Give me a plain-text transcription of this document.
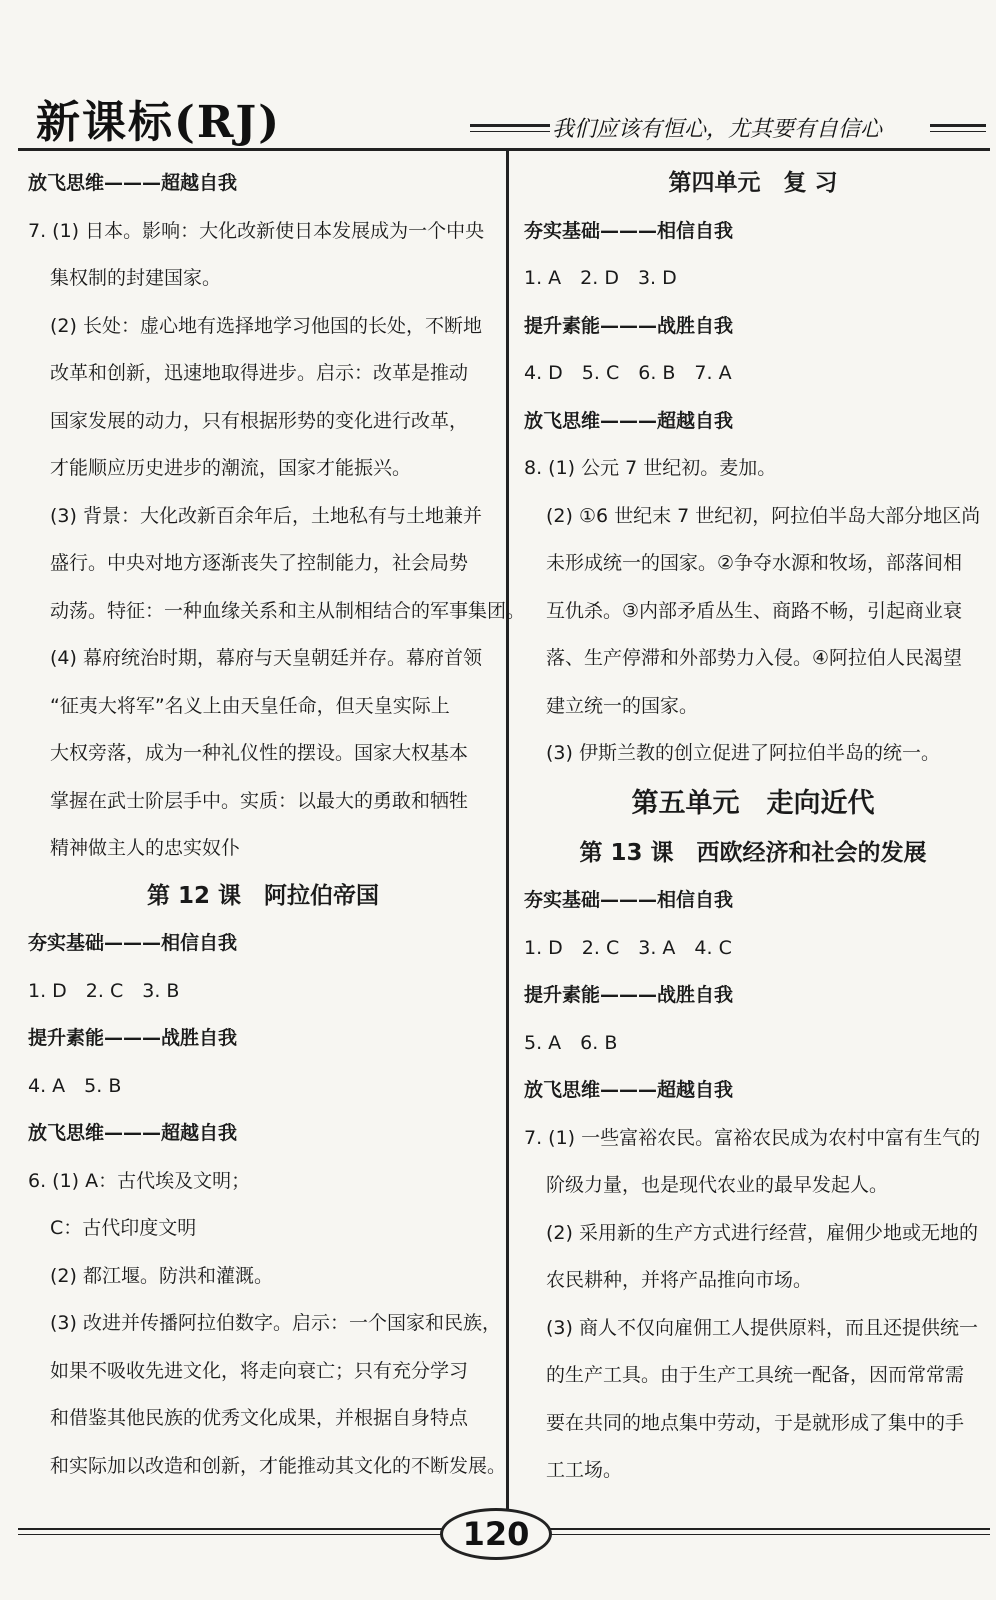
新课标(RJ)	我们应该有恒心，尤其要有自信心
放飞思维———超越自我
7. (1) 日本。影响：大化改新使日本发展成为一个中央
集权制的封建国家。
(2) 长处：虚心地有选择地学习他国的长处，不断地
改革和创新，迅速地取得进步。启示：改革是推动
国家发展的动力，只有根据形势的变化进行改革，
才能顺应历史进步的潮流，国家才能振兴。
(3) 背景：大化改新百余年后，土地私有与土地兼并
盛行。中央对地方逐渐丧失了控制能力，社会局势
动荡。特征：一种血缘关系和主从制相结合的军事集团。
(4) 幕府统治时期，幕府与天皇朝廷并存。幕府首领
“征夷大将军”名义上由天皇任命，但天皇实际上
大权旁落，成为一种礼仪性的摆设。国家大权基本
掌握在武士阶层手中。实质：以最大的勇敢和牺牲
精神做主人的忠实奴仆
第 12 课　阿拉伯帝国
夯实基础———相信自我
1. D　2. C　3. B
提升素能———战胜自我
4. A　5. B
放飞思维———超越自我
6. (1) A：古代埃及文明；
C：古代印度文明
(2) 都江堰。防洪和灌溉。
(3) 改进并传播阿拉伯数字。启示：一个国家和民族，
如果不吸收先进文化，将走向衰亡；只有充分学习
和借鉴其他民族的优秀文化成果，并根据自身特点
和实际加以改造和创新，才能推动其文化的不断发展。
第四单元　复 习
夯实基础———相信自我
1. A　2. D　3. D
提升素能———战胜自我
4. D　5. C　6. B　7. A
放飞思维———超越自我
8. (1) 公元 7 世纪初。麦加。
(2) ①6 世纪末 7 世纪初，阿拉伯半岛大部分地区尚
未形成统一的国家。②争夺水源和牧场，部落间相
互仇杀。③内部矛盾丛生、商路不畅，引起商业衰
落、生产停滞和外部势力入侵。④阿拉伯人民渴望
建立统一的国家。
(3) 伊斯兰教的创立促进了阿拉伯半岛的统一。
第五单元　走向近代
第 13 课　西欧经济和社会的发展
夯实基础———相信自我
1. D　2. C　3. A　4. C
提升素能———战胜自我
5. A　6. B
放飞思维———超越自我
7. (1) 一些富裕农民。富裕农民成为农村中富有生气的
阶级力量，也是现代农业的最早发起人。
(2) 采用新的生产方式进行经营，雇佣少地或无地的
农民耕种，并将产品推向市场。
(3) 商人不仅向雇佣工人提供原料，而且还提供统一
的生产工具。由于生产工具统一配备，因而常常需
要在共同的地点集中劳动，于是就形成了集中的手
工工场。
120
